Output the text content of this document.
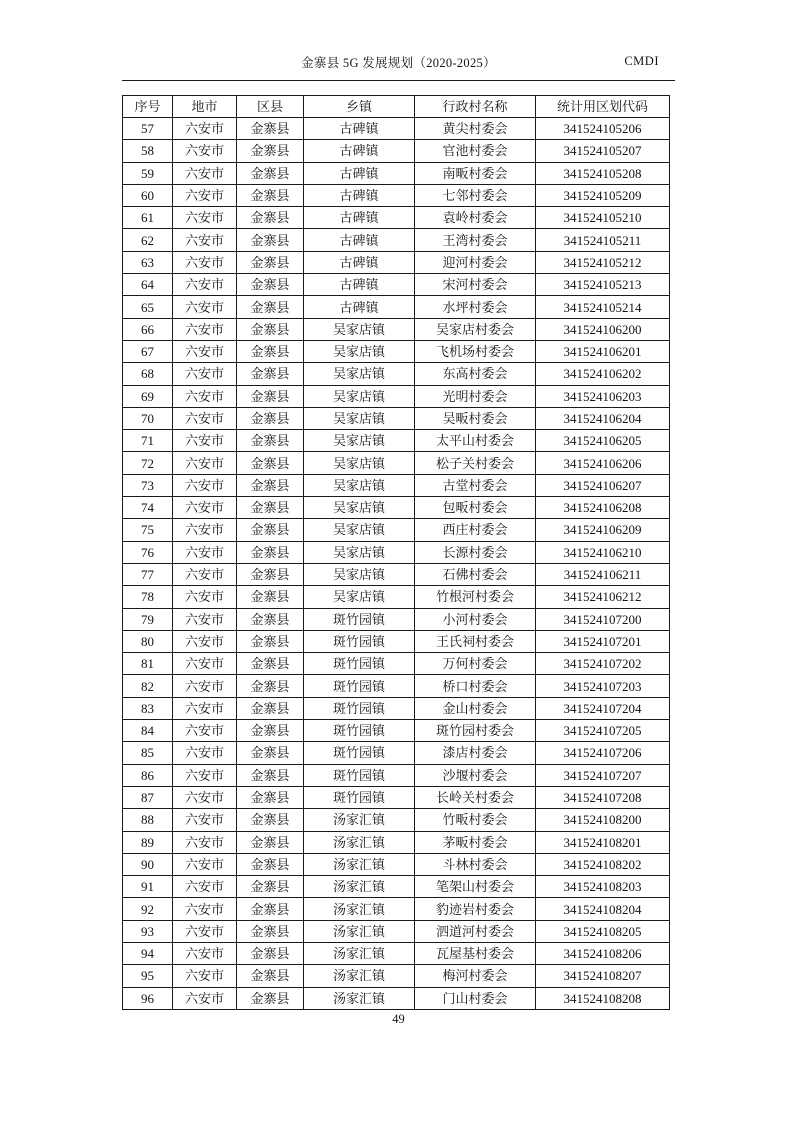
金寨县 5G 发展规划（2020-2025）	CMDI
序号	地市	区县	乡镇	行政村名称	统计用区划代码
57	六安市	金寨县	古碑镇	黄尖村委会	341524105206
58	六安市	金寨县	古碑镇	官池村委会	341524105207
59	六安市	金寨县	古碑镇	南畈村委会	341524105208
60	六安市	金寨县	古碑镇	七邻村委会	341524105209
61	六安市	金寨县	古碑镇	袁岭村委会	341524105210
62	六安市	金寨县	古碑镇	王湾村委会	341524105211
63	六安市	金寨县	古碑镇	迎河村委会	341524105212
64	六安市	金寨县	古碑镇	宋河村委会	341524105213
65	六安市	金寨县	古碑镇	水坪村委会	341524105214
66	六安市	金寨县	吴家店镇	吴家店村委会	341524106200
67	六安市	金寨县	吴家店镇	飞机场村委会	341524106201
68	六安市	金寨县	吴家店镇	东高村委会	341524106202
69	六安市	金寨县	吴家店镇	光明村委会	341524106203
70	六安市	金寨县	吴家店镇	吴畈村委会	341524106204
71	六安市	金寨县	吴家店镇	太平山村委会	341524106205
72	六安市	金寨县	吴家店镇	松子关村委会	341524106206
73	六安市	金寨县	吴家店镇	古堂村委会	341524106207
74	六安市	金寨县	吴家店镇	包畈村委会	341524106208
75	六安市	金寨县	吴家店镇	西庄村委会	341524106209
76	六安市	金寨县	吴家店镇	长源村委会	341524106210
77	六安市	金寨县	吴家店镇	石佛村委会	341524106211
78	六安市	金寨县	吴家店镇	竹根河村委会	341524106212
79	六安市	金寨县	斑竹园镇	小河村委会	341524107200
80	六安市	金寨县	斑竹园镇	王氏祠村委会	341524107201
81	六安市	金寨县	斑竹园镇	万何村委会	341524107202
82	六安市	金寨县	斑竹园镇	桥口村委会	341524107203
83	六安市	金寨县	斑竹园镇	金山村委会	341524107204
84	六安市	金寨县	斑竹园镇	斑竹园村委会	341524107205
85	六安市	金寨县	斑竹园镇	漆店村委会	341524107206
86	六安市	金寨县	斑竹园镇	沙堰村委会	341524107207
87	六安市	金寨县	斑竹园镇	长岭关村委会	341524107208
88	六安市	金寨县	汤家汇镇	竹畈村委会	341524108200
89	六安市	金寨县	汤家汇镇	茅畈村委会	341524108201
90	六安市	金寨县	汤家汇镇	斗林村委会	341524108202
91	六安市	金寨县	汤家汇镇	笔架山村委会	341524108203
92	六安市	金寨县	汤家汇镇	豹迹岩村委会	341524108204
93	六安市	金寨县	汤家汇镇	泗道河村委会	341524108205
94	六安市	金寨县	汤家汇镇	瓦屋基村委会	341524108206
95	六安市	金寨县	汤家汇镇	梅河村委会	341524108207
96	六安市	金寨县	汤家汇镇	门山村委会	341524108208
49
